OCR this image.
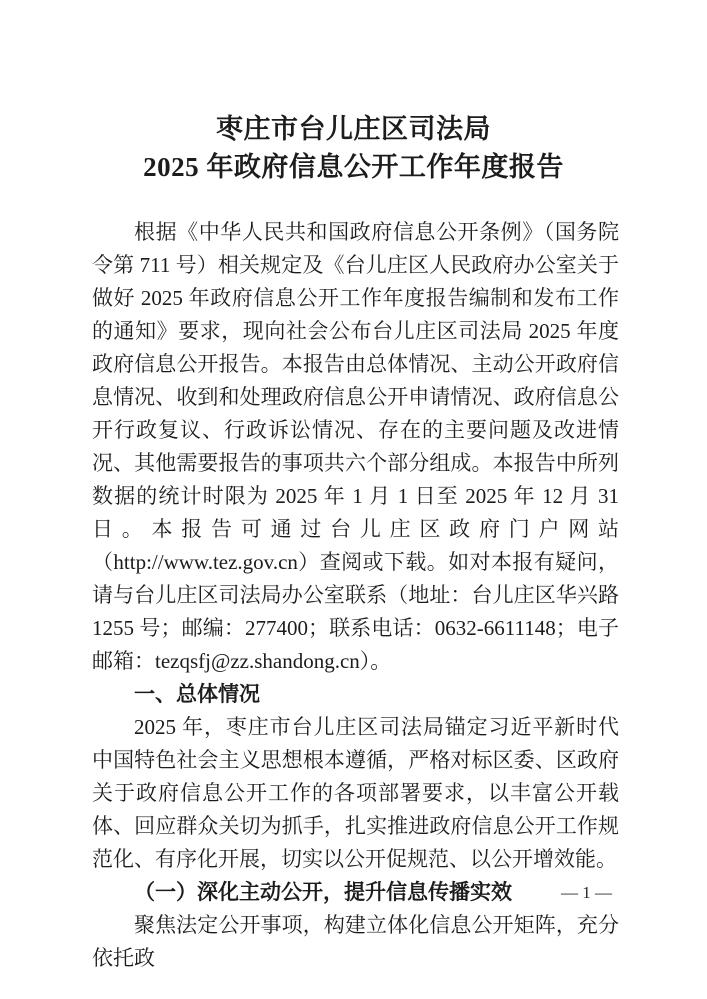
枣庄市台儿庄区司法局
2025 年政府信息公开工作年度报告

根据《中华人民共和国政府信息公开条例》（国务院令第 711 号）相关规定及《台儿庄区人民政府办公室关于做好 2025 年政府信息公开工作年度报告编制和发布工作的通知》要求，现向社会公布台儿庄区司法局 2025 年度政府信息公开报告。本报告由总体情况、主动公开政府信息情况、收到和处理政府信息公开申请情况、政府信息公开行政复议、行政诉讼情况、存在的主要问题及改进情况、其他需要报告的事项共六个部分组成。本报告中所列数据的统计时限为 2025 年 1 月 1 日至 2025 年 12 月 31 日。本报告可通过台儿庄区政府门户网站（http://www.tez.gov.cn）查阅或下载。如对本报有疑问，请与台儿庄区司法局办公室联系（地址：台儿庄区华兴路 1255 号；邮编：277400；联系电话：0632-6611148；电子邮箱：tezqsfj@zz.shandong.cn）。

一、总体情况

2025 年，枣庄市台儿庄区司法局锚定习近平新时代中国特色社会主义思想根本遵循，严格对标区委、区政府关于政府信息公开工作的各项部署要求，以丰富公开载体、回应群众关切为抓手，扎实推进政府信息公开工作规范化、有序化开展，切实以公开促规范、以公开增效能。

（一）深化主动公开，提升信息传播实效

聚焦法定公开事项，构建立体化信息公开矩阵，充分依托政

— 1 —
